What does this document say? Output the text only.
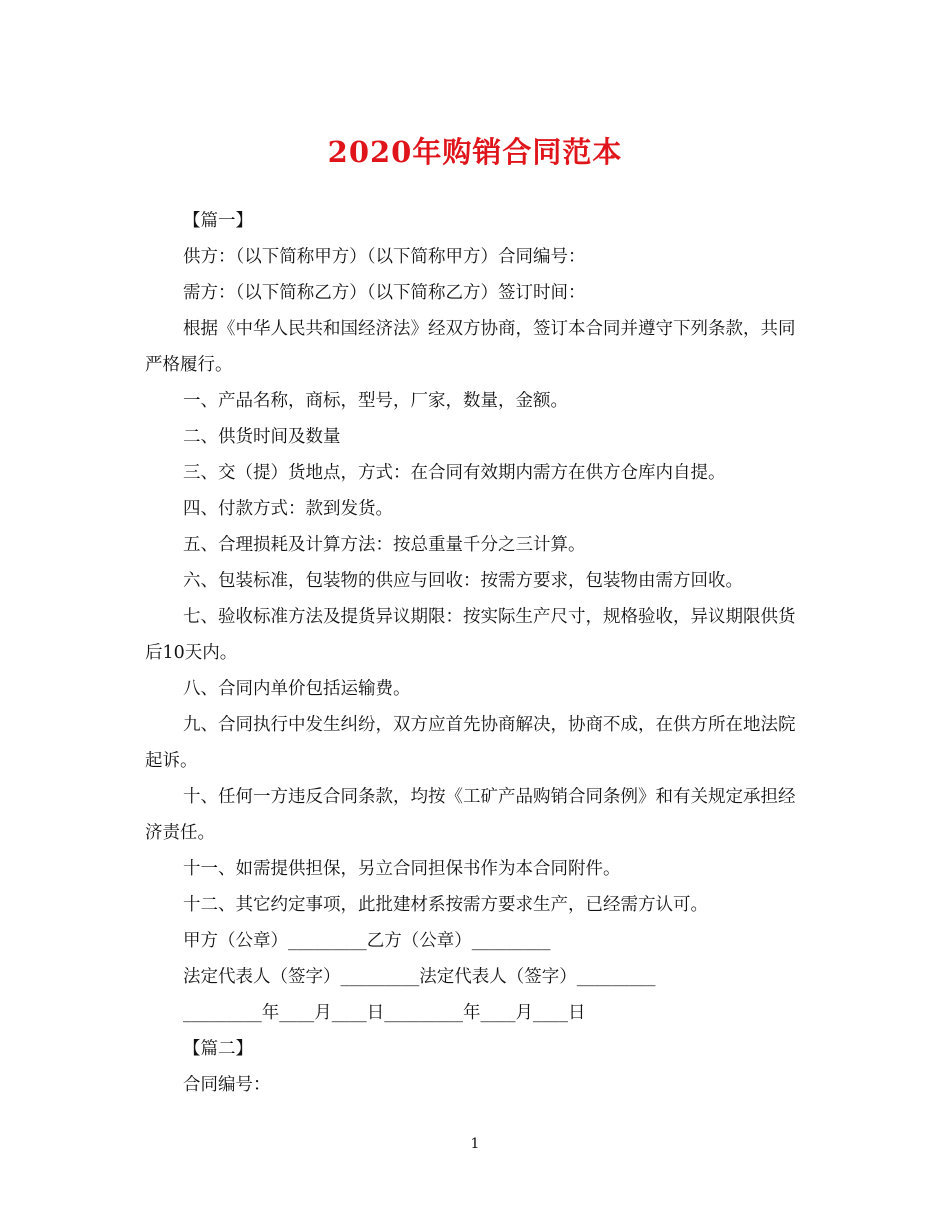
2020年购销合同范本

【篇一】

供方：（以下简称甲方）（以下简称甲方）合同编号：

需方：（以下简称乙方）（以下简称乙方）签订时间：

根据《中华人民共和国经济法》经双方协商，签订本合同并遵守下列条款，共同严格履行。

一、产品名称，商标，型号，厂家，数量，金额。

二、供货时间及数量

三、交（提）货地点，方式：在合同有效期内需方在供方仓库内自提。

四、付款方式：款到发货。

五、合理损耗及计算方法：按总重量千分之三计算。

六、包装标准，包装物的供应与回收：按需方要求，包装物由需方回收。

七、验收标准方法及提货异议期限：按实际生产尺寸，规格验收，异议期限供货后10天内。

八、合同内单价包括运输费。

九、合同执行中发生纠纷，双方应首先协商解决，协商不成，在供方所在地法院起诉。

十、任何一方违反合同条款，均按《工矿产品购销合同条例》和有关规定承担经济责任。

十一、如需提供担保，另立合同担保书作为本合同附件。

十二、其它约定事项，此批建材系按需方要求生产，已经需方认可。

甲方（公章）_________乙方（公章）_________

法定代表人（签字）_________法定代表人（签字）_________

_________年____月____日_________年____月____日

【篇二】

合同编号：

1
